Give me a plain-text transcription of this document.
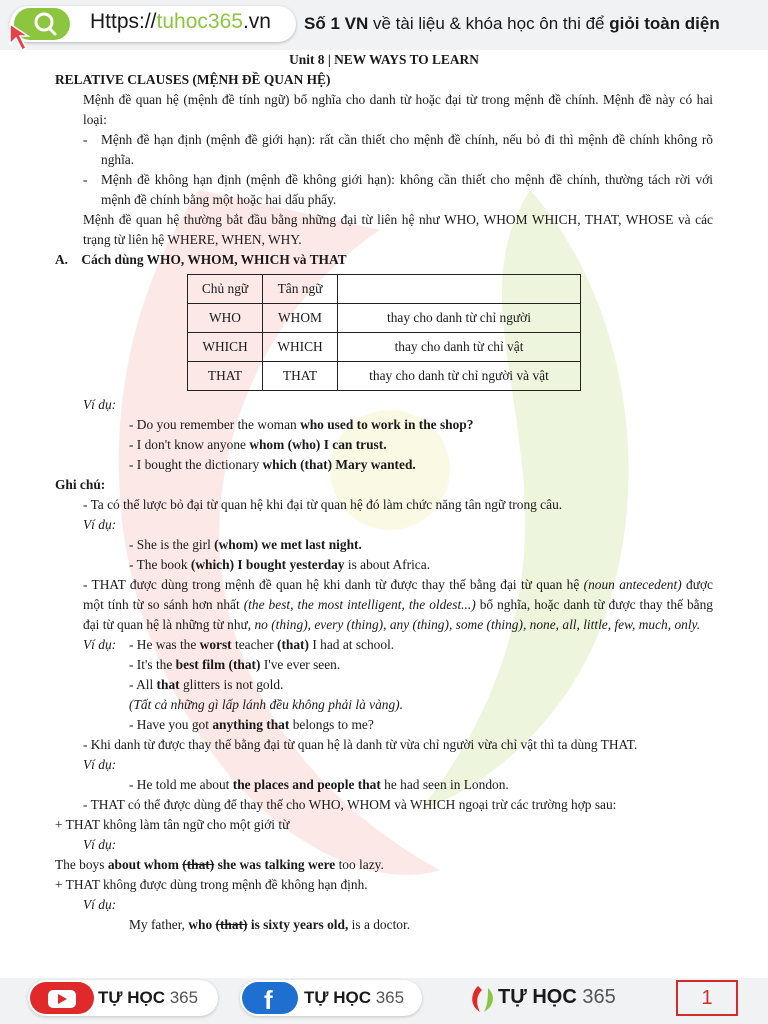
Https://tuhoc365.vn Số 1 VN về tài liệu & khóa học ôn thi để giỏi toàn diện
Unit 8 | NEW WAYS TO LEARN
RELATIVE CLAUSES (MỆNH ĐỀ QUAN HỆ)
Mệnh đề quan hệ (mệnh đề tính ngữ) bổ nghĩa cho danh từ hoặc đại từ trong mệnh đề chính. Mệnh đề này có hai loại:
-	Mệnh đề hạn định (mệnh đề giới hạn): rất cần thiết cho mệnh đề chính, nếu bỏ đi thì mệnh đề chính không rõ nghĩa.
-	Mệnh đề không hạn định (mệnh đề không giới hạn): không cần thiết cho mệnh đề chính, thường tách rời với mệnh đề chính bằng một hoặc hai dấu phẩy.
Mệnh đề quan hệ thường bắt đầu bằng những đại từ liên hệ như WHO, WHOM WHICH, THAT, WHOSE và các trạng từ liên hệ WHERE, WHEN, WHY.
A. Cách dùng WHO, WHOM, WHICH và THAT
Chủ ngữ	Tân ngữ	
WHO	WHOM	thay cho danh từ chỉ người
WHICH	WHICH	thay cho danh từ chỉ vật
THAT	THAT	thay cho danh từ chỉ người và vật
Ví dụ:
- Do you remember the woman who used to work in the shop?
- I don't know anyone whom (who) I can trust.
- I bought the dictionary which (that) Mary wanted.
Ghi chú:
- Ta có thể lược bỏ đại từ quan hệ khi đại từ quan hệ đó làm chức năng tân ngữ trong câu.
Ví dụ:
- She is the girl (whom) we met last night.
- The book (which) I bought yesterday is about Africa.
- THAT được dùng trong mệnh đề quan hệ khi danh từ được thay thế bằng đại từ quan hệ (noun antecedent) được một tính từ so sánh hơn nhất (the best, the most intelligent, the oldest...) bổ nghĩa, hoặc danh từ được thay thế bằng đại từ quan hệ là những từ như, no (thing), every (thing), any (thing), some (thing), none, all, little, few, much, only.
Ví dụ: - He was the worst teacher (that) I had at school.
- It's the best film (that) I've ever seen.
- All that glitters is not gold.
(Tất cả những gì lấp lánh đều không phải là vàng).
- Have you got anything that belongs to me?
- Khi danh từ được thay thế bằng đại từ quan hệ là danh từ vừa chỉ người vừa chỉ vật thì ta dùng THAT.
Ví dụ:
- He told me about the places and people that he had seen in London.
- THAT có thể được dùng để thay thế cho WHO, WHOM và WHICH ngoại trừ các trường hợp sau:
+ THAT không làm tân ngữ cho một giới từ
Ví dụ:
The boys about whom (that) she was talking were too lazy.
+ THAT không được dùng trong mệnh đề không hạn định.
Ví dụ:
My father, who (that) is sixty years old, is a doctor.
TỰ HỌC 365	f TỰ HỌC 365	TỰ HỌC 365	1
